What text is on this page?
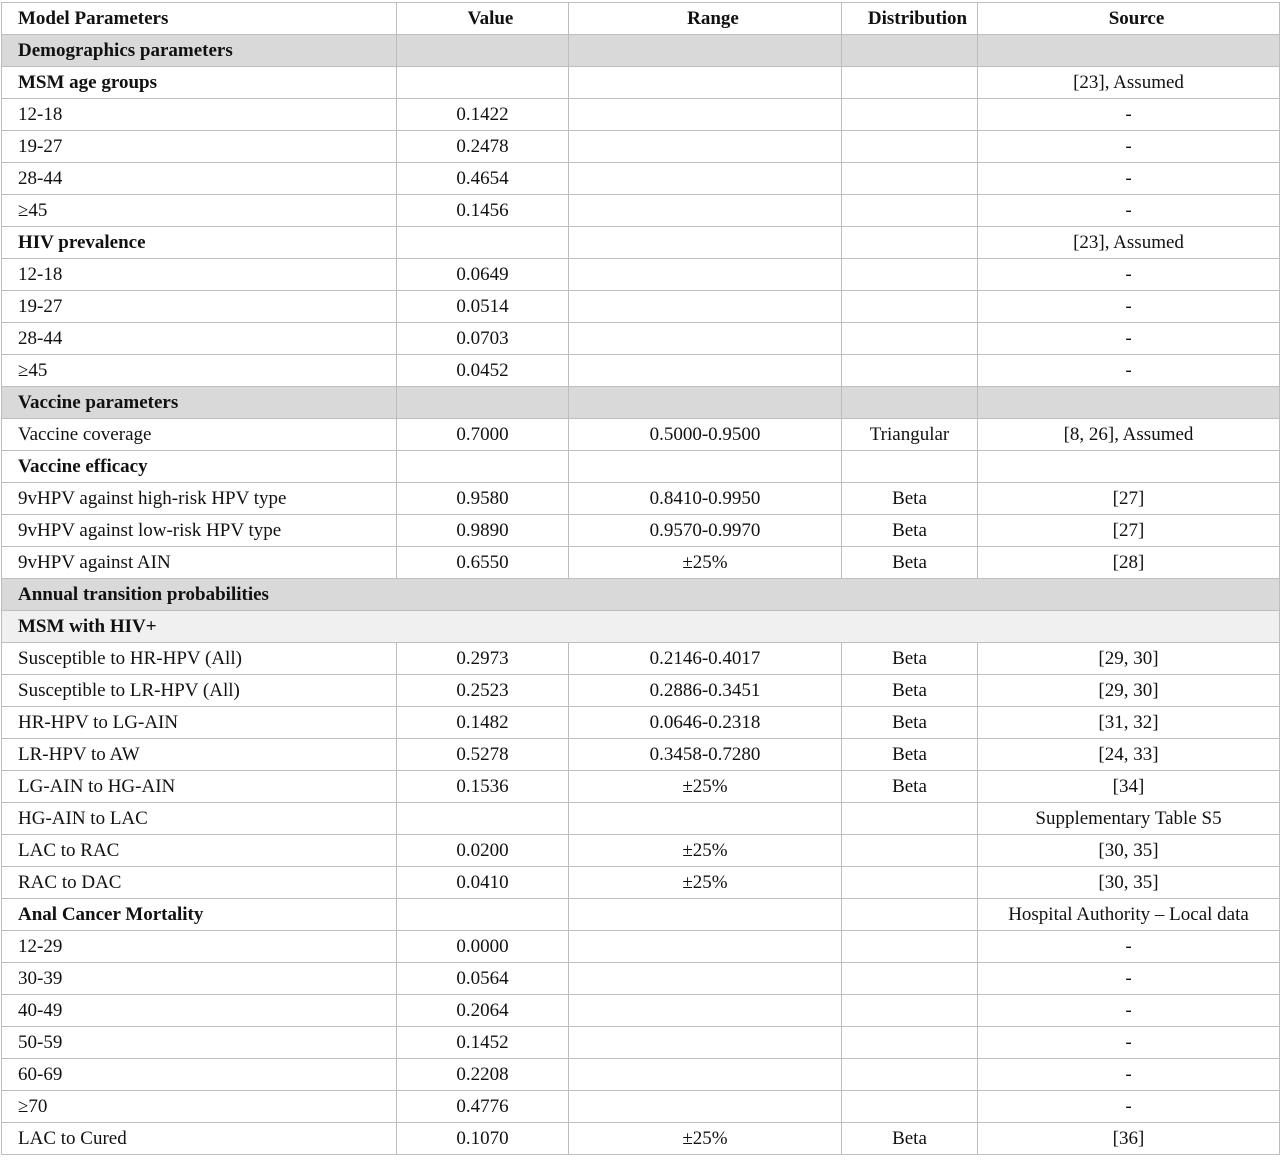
Model Parameters	Value	Range	Distribution	Source
Demographics parameters				
MSM age groups				[23], Assumed
12-18	0.1422			-
19-27	0.2478			-
28-44	0.4654			-
≥45	0.1456			-
HIV prevalence				[23], Assumed
12-18	0.0649			-
19-27	0.0514			-
28-44	0.0703			-
≥45	0.0452			-
Vaccine parameters				
Vaccine coverage	0.7000	0.5000-0.9500	Triangular	[8, 26], Assumed
Vaccine efficacy				
9vHPV against high-risk HPV type	0.9580	0.8410-0.9950	Beta	[27]
9vHPV against low-risk HPV type	0.9890	0.9570-0.9970	Beta	[27]
9vHPV against AIN	0.6550	±25%	Beta	[28]
Annual transition probabilities				
MSM with HIV+				
Susceptible to HR-HPV (All)	0.2973	0.2146-0.4017	Beta	[29, 30]
Susceptible to LR-HPV (All)	0.2523	0.2886-0.3451	Beta	[29, 30]
HR-HPV to LG-AIN	0.1482	0.0646-0.2318	Beta	[31, 32]
LR-HPV to AW	0.5278	0.3458-0.7280	Beta	[24, 33]
LG-AIN to HG-AIN	0.1536	±25%	Beta	[34]
HG-AIN to LAC				Supplementary Table S5
LAC to RAC	0.0200	±25%		[30, 35]
RAC to DAC	0.0410	±25%		[30, 35]
Anal Cancer Mortality				Hospital Authority – Local data
12-29	0.0000			-
30-39	0.0564			-
40-49	0.2064			-
50-59	0.1452			-
60-69	0.2208			-
≥70	0.4776			-
LAC to Cured	0.1070	±25%	Beta	[36]
